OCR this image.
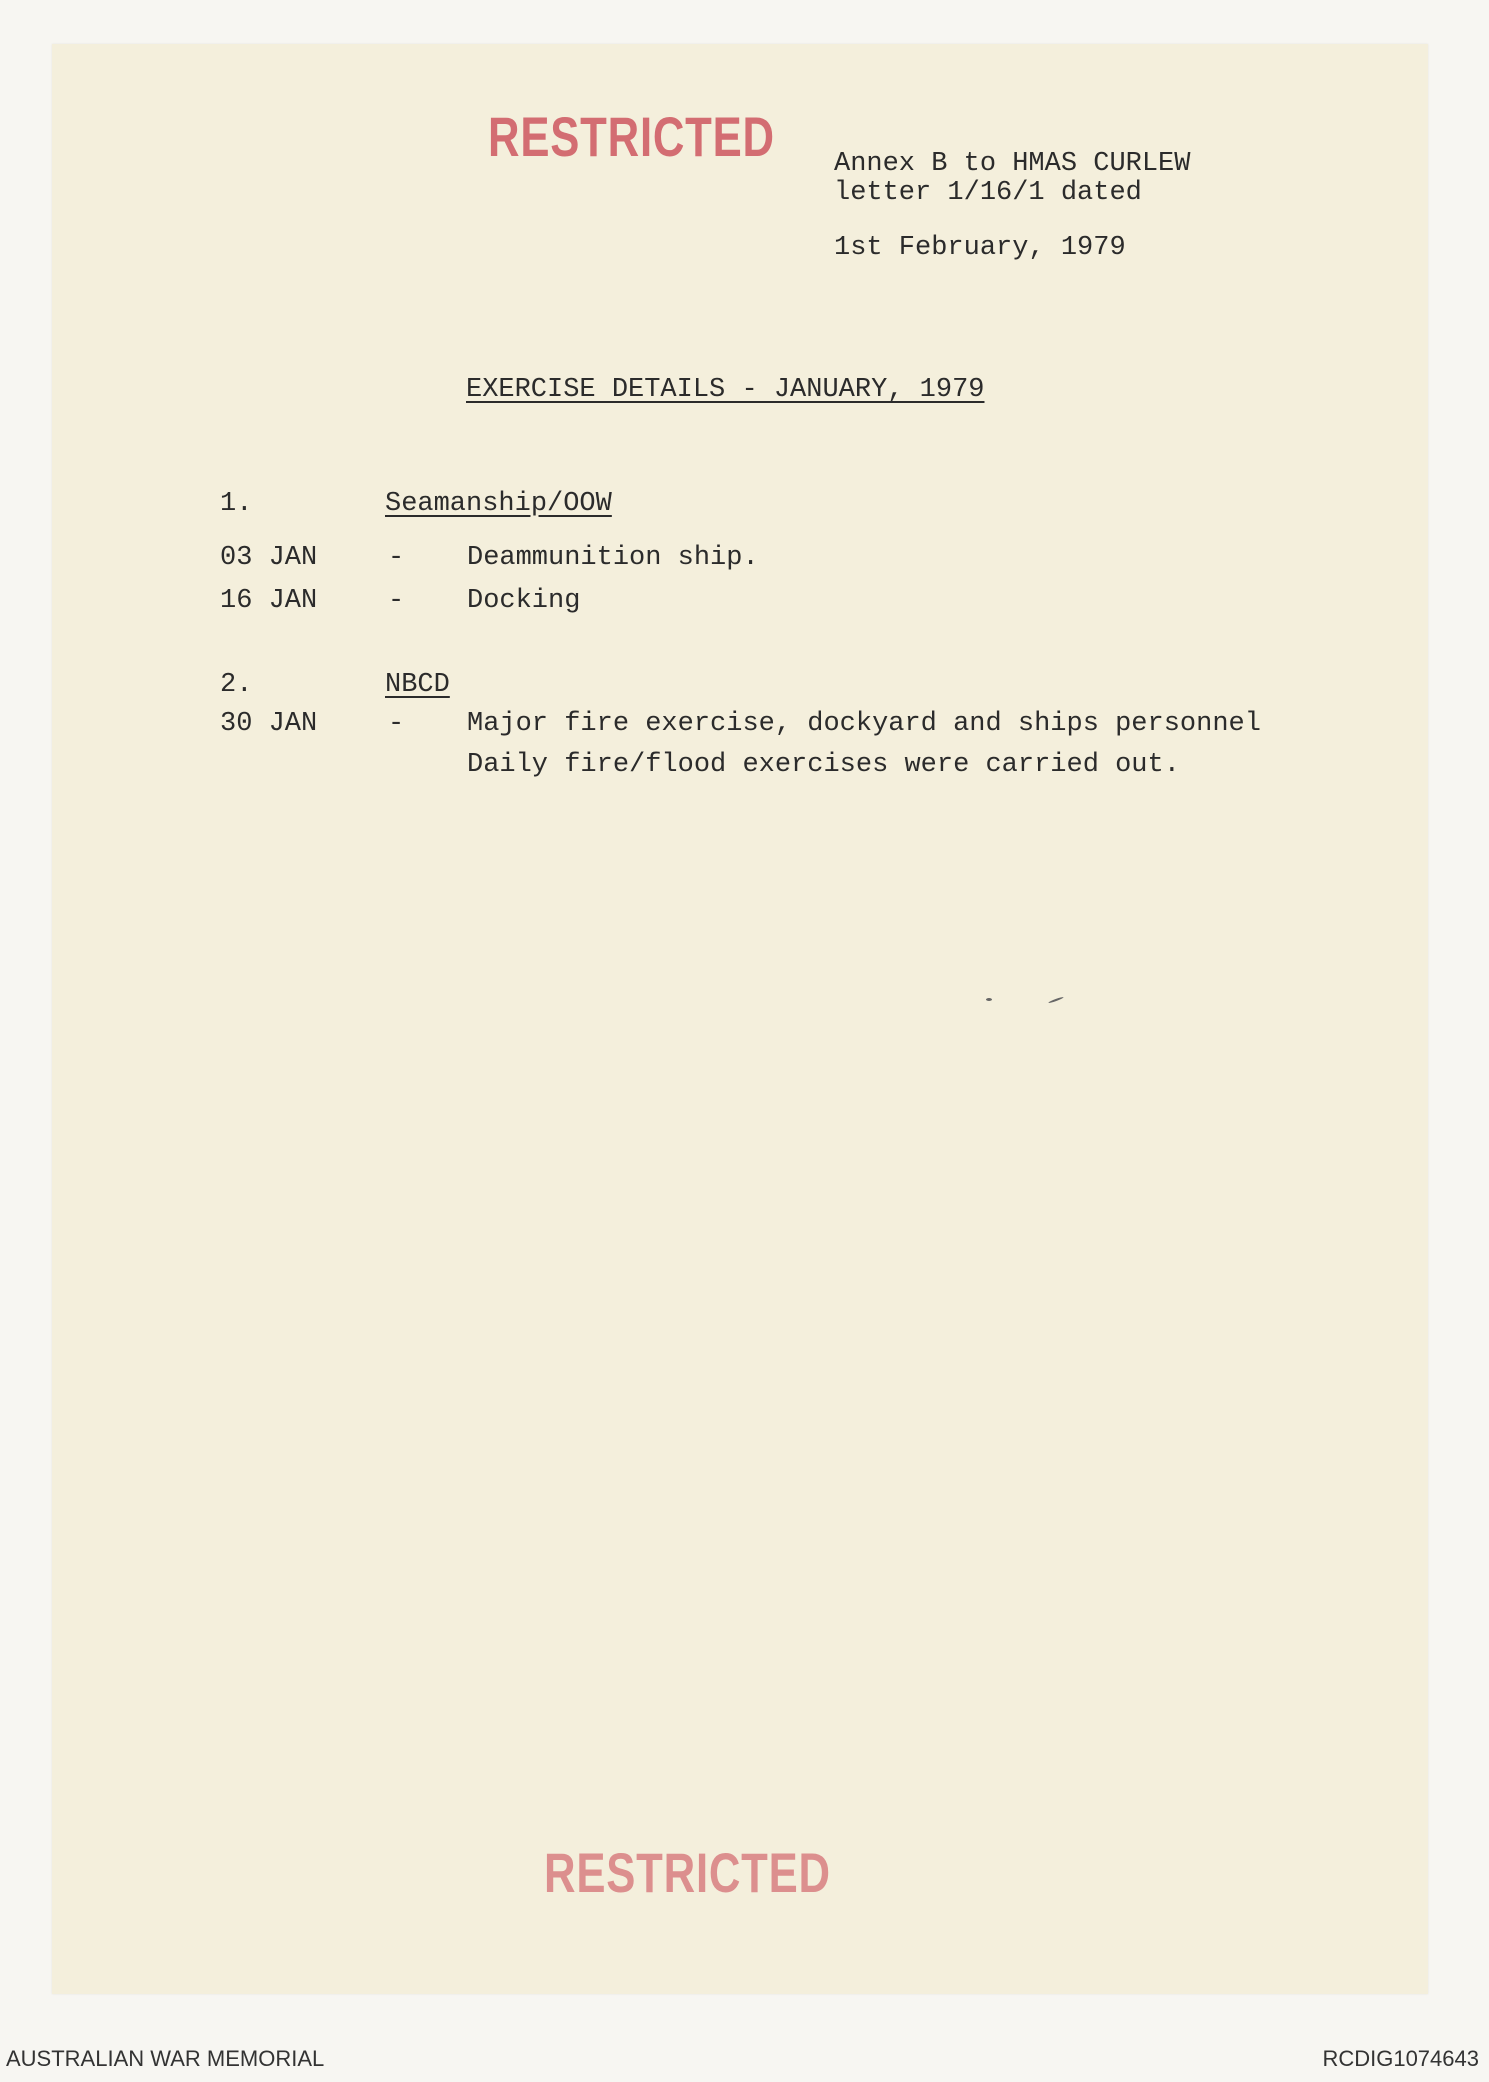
RESTRICTED Annex B to HMAS CURLEW
letter 1/16/1 dated
1st February, 1979
EXERCISE DETAILS - JANUARY, 1979
1.	Seamanship/OOW
03 JAN	- Deammunition ship.
16 JAN	- Docking
2.	NBCD
30 JAN	- Major fire exercise, dockyard and ships personnel
Daily fire/flood exercises were carried out.
RESTRICTED
AUSTRALIAN WAR MEMORIAL	RCDIG1074643
